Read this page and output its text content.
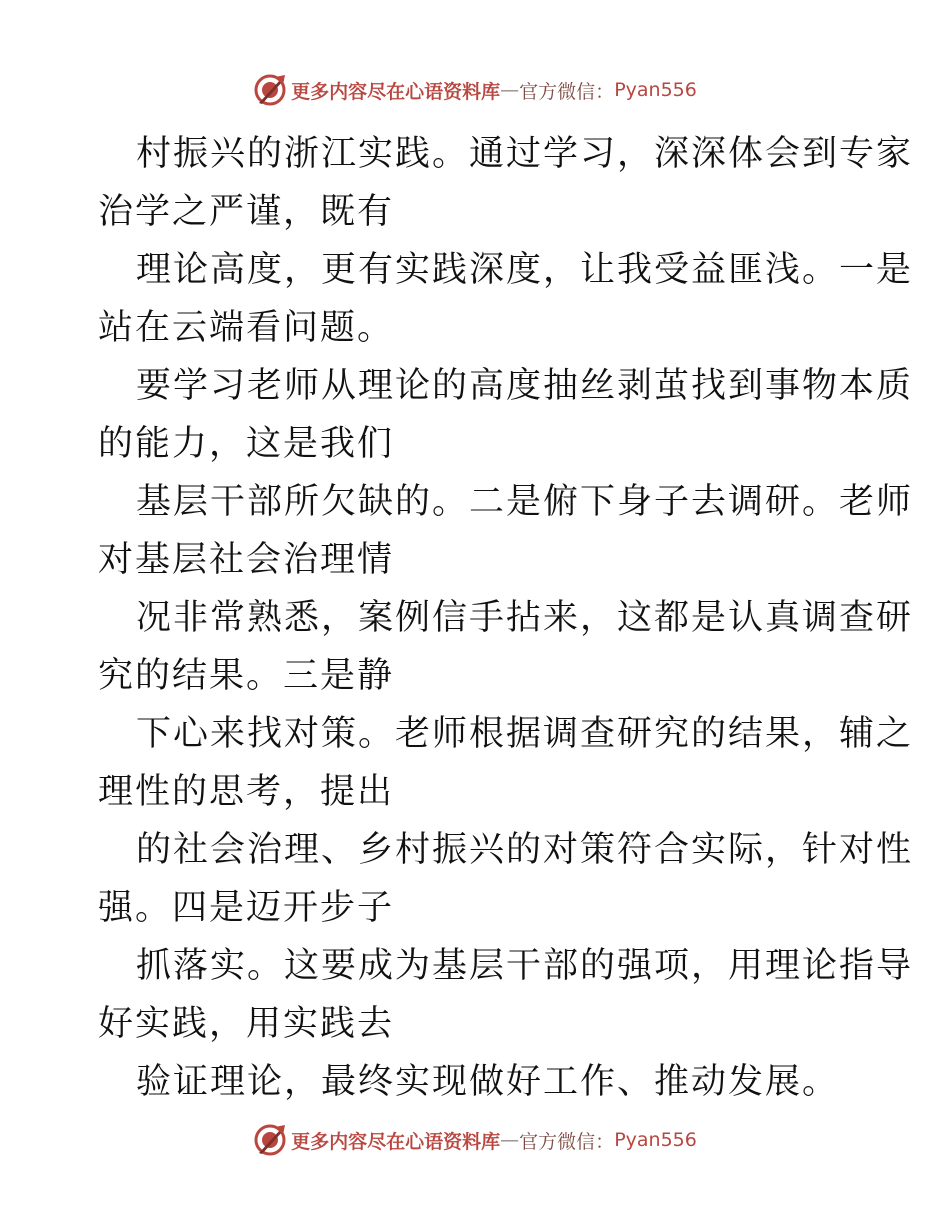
更多内容尽在心语资料库 — 官方微信： Pyan556

村振兴的浙江实践。通过学习，深深体会到专家
治学之严谨，既有

理论高度，更有实践深度，让我受益匪浅。一是
站在云端看问题。

要学习老师从理论的高度抽丝剥茧找到事物本质
的能力，这是我们

基层干部所欠缺的。二是俯下身子去调研。老师
对基层社会治理情

况非常熟悉，案例信手拈来，这都是认真调查研
究的结果。三是静

下心来找对策。老师根据调查研究的结果，辅之
理性的思考，提出

的社会治理、乡村振兴的对策符合实际，针对性
强。四是迈开步子

抓落实。这要成为基层干部的强项，用理论指导
好实践，用实践去

验证理论，最终实现做好工作、推动发展。

更多内容尽在心语资料库 — 官方微信： Pyan556
